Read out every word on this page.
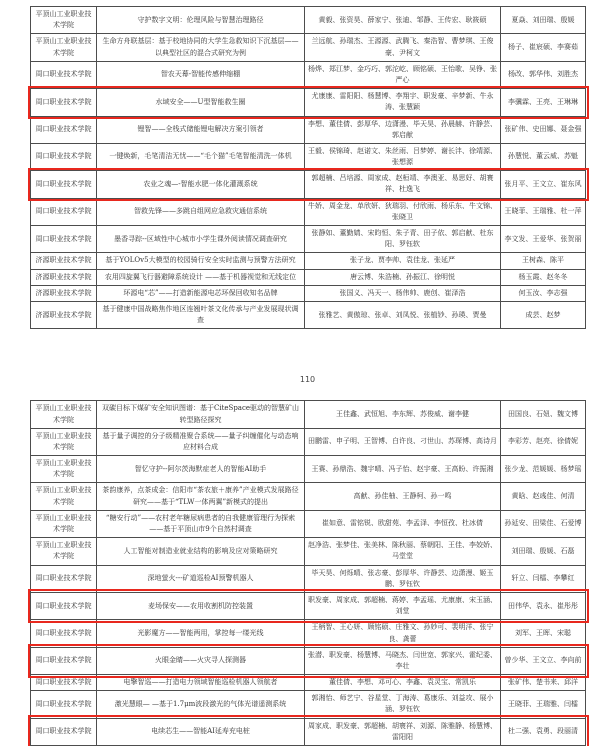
平顶山工业职业技术学院	守护数字文明：伦理风险与智慧治理路径	黄毅、张资昊、薛家宁、张迪、邹静、王传宏、耿筱硕	夏焱、刘田瑞、殷媛
平顶山工业职业技术学院	生命方舟联基层：基于校地协同的大学生急救知识下沉基层——以典型社区的混合式研究为例	兰远航、孙瑞杰、王源源、武腾飞、秦浩智、曹梦琪、王俊豪、尹柯文	杨子、崔宸硕、李赛茹
周口职业技术学院	智农天幕-智能传感伸缩棚	杨烨、郑江梦、金巧巧、郭沱屹、顾铭硕、王怡歌、吴铮、张严心	杨改、郭华伟、刘胜杰
周口职业技术学院	水域安全——U型智能救生圈	尤康康、雷阳阳、杨慧博、李翔宇、职发豪、辛梦新、牛永涛、张慧颖	李骥霖、王亮、王琳琳
周口职业技术学院	锂智——全栈式储能锂电解决方案引领者	李想、董佳倩、彭厚华、边潇漫、毕天昊、孙晨赫、许静芸、郭启献	张矿伟、史田娜、聂金强
周口职业技术学院	一键焕新，毛笔清洁无忧——“毛个猫”毛笔智能清洗一体机	王毅、侯锦琦、赵诺文、朱丝雨、吕梦婷、谢长沣、徐靖源、张想源	孙慧悦、董云威、苏魁
周口职业技术学院	农业之魂—-智能水肥一体化灌溉系统	郭超楠、吕培源、周家成、赵桓靖、李澳亚、易思好、胡寰祥、杜逸飞	张月平、王文立、崔东风
周口职业技术学院	智救先锋——多跳自组网应急救灾通信系统	牛娇、周金龙、单欣妍、狄瑞羽、付欣雨、杨乐东、牛文锦、张晓卫	王晓菲、王瑞雅、杜一萍
周口职业技术学院	墨香寻踪--区域性中心城市小学生课外阅读情况调查研究	张静如、董勤婧、宋昀恒、朱子青、田子依、郭启献、杜东阳、罗钰软	李文发、王爱华、张贺丽
济源职业技术学院	基于YOLOv5大模型的校园骑行安全实时监测与预警方法研究	张子龙、贾李帅、袁佳龙、张延严	王树森、陈平
济源职业技术学院	农用四旋翼飞行器避障系统设计 ——基于机器视觉和无线定位	唐云博、朱浩楠、孙振江、徐明悦	杨玉霞、赵冬冬
济源职业技术学院	环源电“芯”——打造新能源电芯环保回收知名品牌	张国义、冯天一、杨伟帅、鹿创、崔泽浩	何玉汝、李志强
济源职业技术学院	基于健康中国战略焦作地区连翘叶茶文化传承与产业发展现状调查	张雅艺、黄傲琼、张卓、刘凤悦、张植钞、孙瑛、贾曼	成芸、赵梦
110
平顶山工业职业技术学院	双碳目标下煤矿安全知识图谱：基于CiteSpace驱动的智慧矿山转型路径探究	王佳鑫、武恒旭、李东辉、苏俊威、谢李健	田国良、石妞、魏文博
平顶山工业职业技术学院	基于量子调控的分子级精准聚合系统——量子纠缠催化与动态响应材料合成	田鹏雷、申子明、王智博、白许良、刁世山、苏琛博、高诗月	李彩芳、赵亮、徐倩妮
平顶山工业职业技术学院	智忆守护--阿尔茨海默症老人的智能AI助手	王赛、孙鼎浩、魏宇晴、冯子怡、赵宇豪、王高盼、许振湘	张少龙、范媛媛、杨梦瑶
平顶山工业职业技术学院	茶韵康养，点茶成金：信阳市“茶农旅＋康养”产业模式发展路径研究——基于“TLW一体两翼”新模式的提出	高献、孙佳柚、王静柯、孙一鸣	黄晗、赵彧佳、何清
平顶山工业职业技术学院	“糖安行动”——农村老年糖尿病患者的自我健康管理行为探索——基于平顶山市9个自然村调查	崔如意、雷铭锐、欧甜苑、李孟泽、李恒孜、杜冰倩	孙延安、田梁佳、石爱博
平顶山工业职业技术学院	人工智能对制造业就业结构的影响及应对策略研究	赵净浩、张梦佳、张美林、陈秋丽、蔡朝阳、王佳、李姣娇、马堂堂	刘田瑞、殷媛、石磊
周口职业技术学院	深地萤火---矿道巡检AI预警机器人	毕天昊、何烁晴、张志豪、彭厚华、许静芸、边潇漫、姬玉鹏、罗钰钦	轩立、闫檑、李攀红
周口职业技术学院	麦场保安——农用收割机防控装置	职发豪、周家成、郭超楠、蒋婷、李孟瑶、尤康康、宋玉涵、刘堂	田伟华、袁永、崔彤彤
周口职业技术学院	光影魔方——智能两用，掌控每一缕光线	王柄智、王心妍、顾铭硕、庄雅文、孙妙可、裴明洋、张宁良、龚蕾	刘军、王晖、宋聪
周口职业技术学院	火眼金睛——火灾寻人探测器	张潜、职发豪、杨慧博、马晓杰、闫世宽、郭家兴、霍纪委、李壮	曾少华、王文立、李向前
周口职业技术学院	电擎智巡——打造电力领域智能巡检机器人领航者	董佳倩、李想、邓可心、李鑫、袁灵宝、常凯乐	张矿伟、楚书来、邱洋
周口职业技术学院	激光慧眼— —基于1.7μm波段激光的气体光谱遥测系统	郭湘怡、师艺宁、谷星堂、丁海涛、葛康乐、刘益攻、展小涵、罗钰钦	王晓菲、王瑞雅、闫檑
周口职业技术学院	电续芯生——智能AI延寿充电桩	周家成、职发豪、郭超楠、胡寰祥、刘源、陈雅静、杨慧博、雷阳阳	杜二强、袁勇、段丽清
